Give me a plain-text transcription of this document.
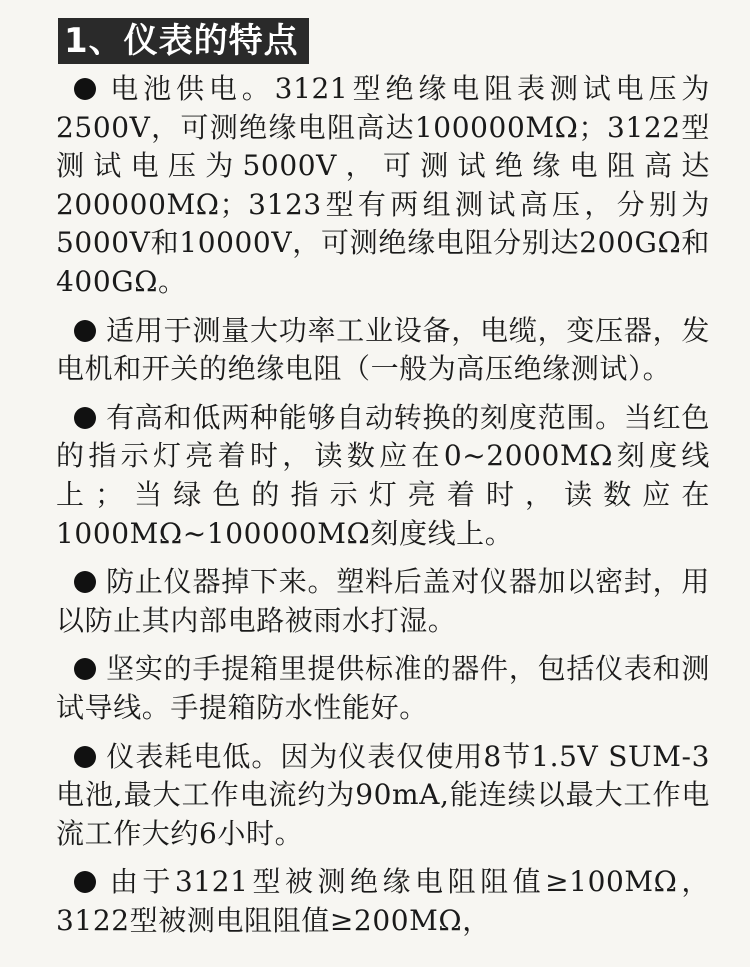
1、仪表的特点

电池供电。3121型绝缘电阻表测试电压为2500V，可测绝缘电阻高达100000MΩ；3122型测试电压为5000V，可测试绝缘电阻高达200000MΩ；3123型有两组测试高压，分别为5000V和10000V，可测绝缘电阻分别达200GΩ和400GΩ。

适用于测量大功率工业设备，电缆，变压器，发电机和开关的绝缘电阻（一般为高压绝缘测试）。

有高和低两种能够自动转换的刻度范围。当红色的指示灯亮着时，读数应在0~2000MΩ刻度线上；当绿色的指示灯亮着时，读数应在1000MΩ~100000MΩ刻度线上。

防止仪器掉下来。塑料后盖对仪器加以密封，用以防止其内部电路被雨水打湿。

坚实的手提箱里提供标准的器件，包括仪表和测试导线。手提箱防水性能好。

仪表耗电低。因为仪表仅使用8节1.5V SUM-3电池,最大工作电流约为90mA,能连续以最大工作电流工作大约6小时。

由于3121型被测绝缘电阻阻值≥100MΩ，3122型被测电阻阻值≥200MΩ，
